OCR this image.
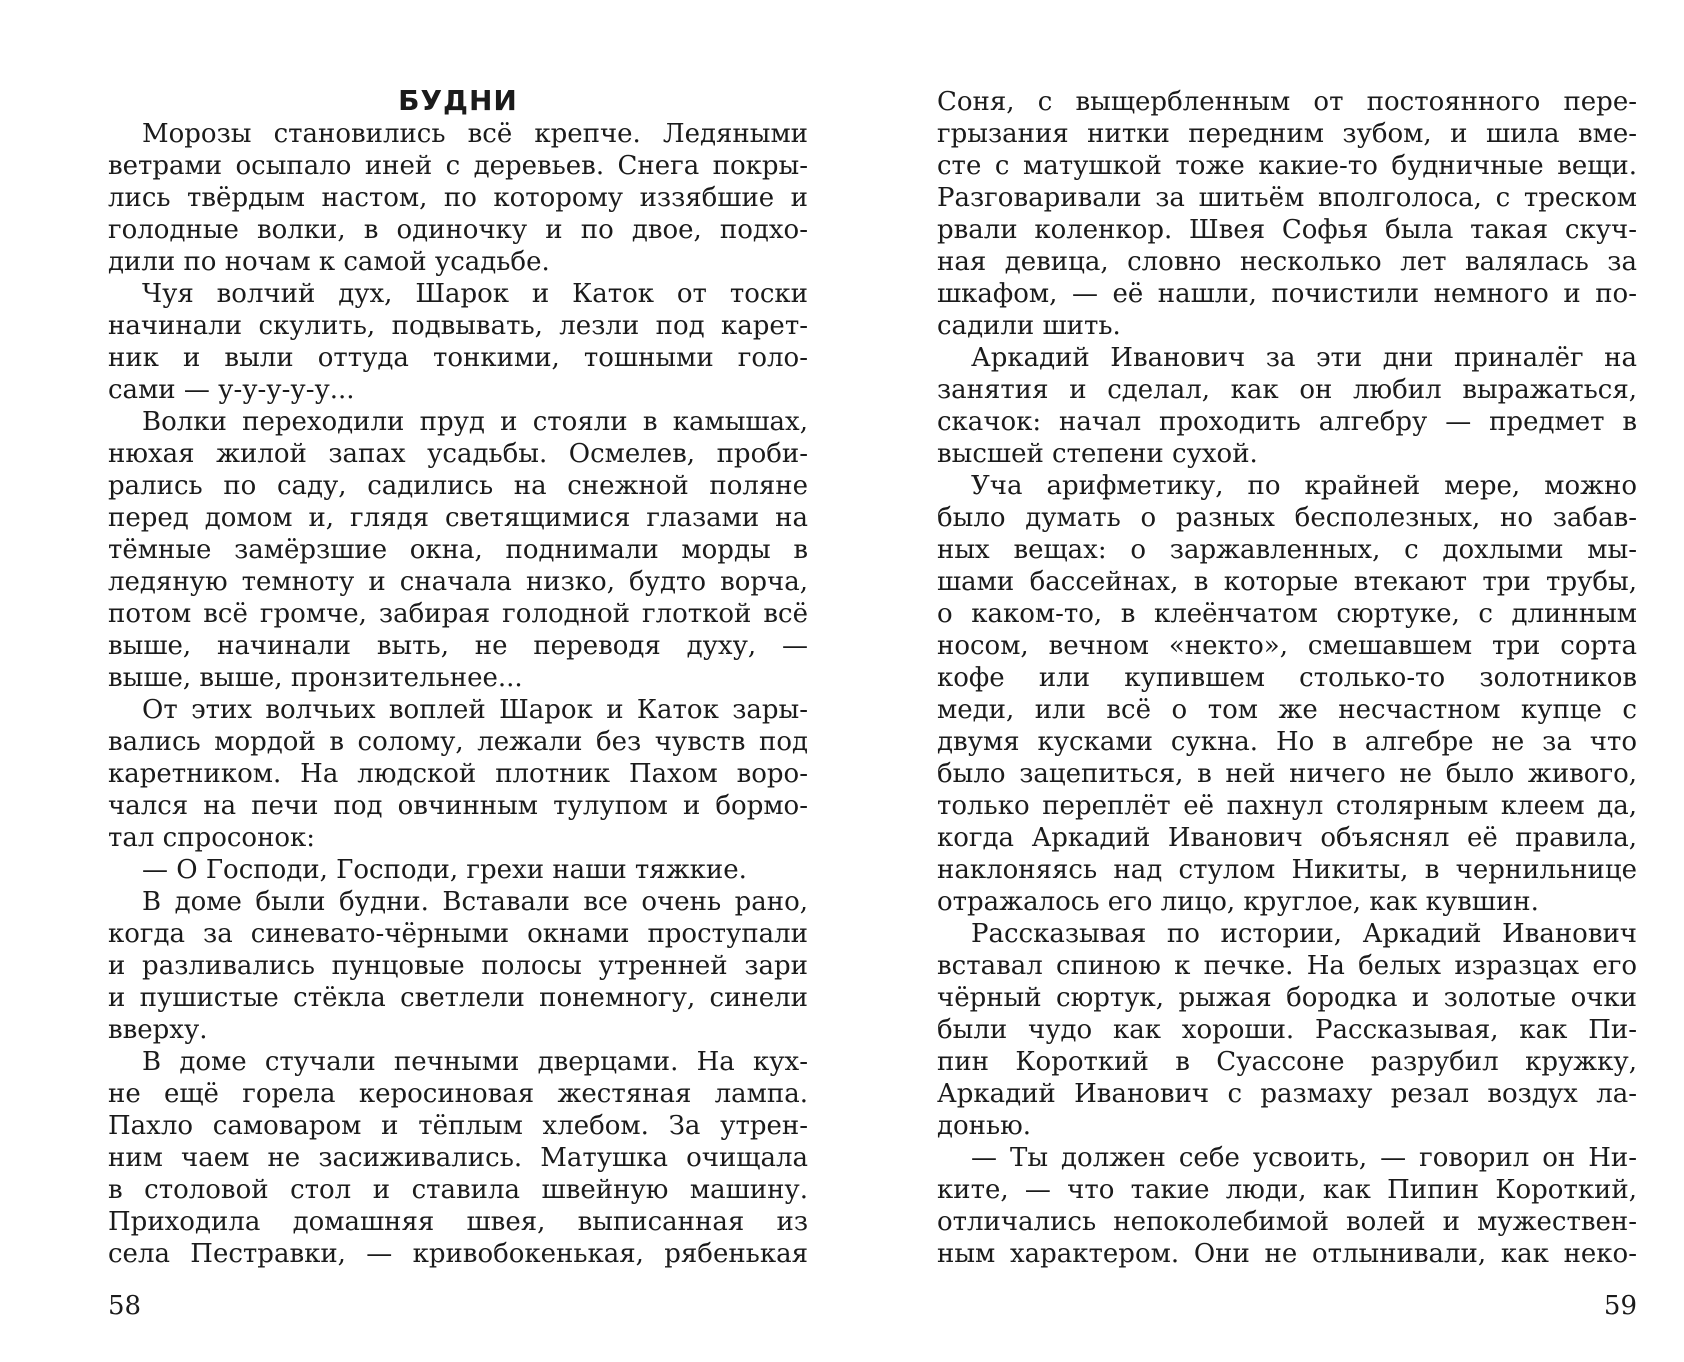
БУДНИ
Морозы становились всё крепче. Ледяными
ветрами осыпало иней с деревьев. Снега покры-
лись твёрдым настом, по которому иззябшие и
голодные волки, в одиночку и по двое, подхо-
дили по ночам к самой усадьбе.
Чуя волчий дух, Шарок и Каток от тоски
начинали скулить, подвывать, лезли под карет-
ник и выли оттуда тонкими, тошными голо-
сами — у-у-у-у-у...
Волки переходили пруд и стояли в камышах,
нюхая жилой запах усадьбы. Осмелев, проби-
рались по саду, садились на снежной поляне
перед домом и, глядя светящимися глазами на
тёмные замёрзшие окна, поднимали морды в
ледяную темноту и сначала низко, будто ворча,
потом всё громче, забирая голодной глоткой всё
выше, начинали выть, не переводя духу, —
выше, выше, пронзительнее...
От этих волчьих воплей Шарок и Каток зары-
вались мордой в солому, лежали без чувств под
каретником. На людской плотник Пахом воро-
чался на печи под овчинным тулупом и бормо-
тал спросонок:
— О Господи, Господи, грехи наши тяжкие.
В доме были будни. Вставали все очень рано,
когда за синевато-чёрными окнами проступали
и разливались пунцовые полосы утренней зари
и пушистые стёкла светлели понемногу, синели
вверху.
В доме стучали печными дверцами. На кух-
не ещё горела керосиновая жестяная лампа.
Пахло самоваром и тёплым хлебом. За утрен-
ним чаем не засиживались. Матушка очищала
в столовой стол и ставила швейную машину.
Приходила домашняя швея, выписанная из
села Пестравки, — кривобокенькая, рябенькая
58
Соня, с выщербленным от постоянного пере-
грызания нитки передним зубом, и шила вме-
сте с матушкой тоже какие-то будничные вещи.
Разговаривали за шитьём вполголоса, с треском
рвали коленкор. Швея Софья была такая скуч-
ная девица, словно несколько лет валялась за
шкафом, — её нашли, почистили немного и по-
садили шить.
Аркадий Иванович за эти дни приналёг на
занятия и сделал, как он любил выражаться,
скачок: начал проходить алгебру — предмет в
высшей степени сухой.
Уча арифметику, по крайней мере, можно
было думать о разных бесполезных, но забав-
ных вещах: о заржавленных, с дохлыми мы-
шами бассейнах, в которые втекают три трубы,
о каком-то, в клеёнчатом сюртуке, с длинным
носом, вечном «некто», смешавшем три сорта
кофе или купившем столько-то золотников
меди, или всё о том же несчастном купце с
двумя кусками сукна. Но в алгебре не за что
было зацепиться, в ней ничего не было живого,
только переплёт её пахнул столярным клеем да,
когда Аркадий Иванович объяснял её правила,
наклоняясь над стулом Никиты, в чернильнице
отражалось его лицо, круглое, как кувшин.
Рассказывая по истории, Аркадий Иванович
вставал спиною к печке. На белых изразцах его
чёрный сюртук, рыжая бородка и золотые очки
были чудо как хороши. Рассказывая, как Пи-
пин Короткий в Суассоне разрубил кружку,
Аркадий Иванович с размаху резал воздух ла-
донью.
— Ты должен себе усвоить, — говорил он Ни-
ките, — что такие люди, как Пипин Короткий,
отличались непоколебимой волей и мужествен-
ным характером. Они не отлынивали, как неко-
59
